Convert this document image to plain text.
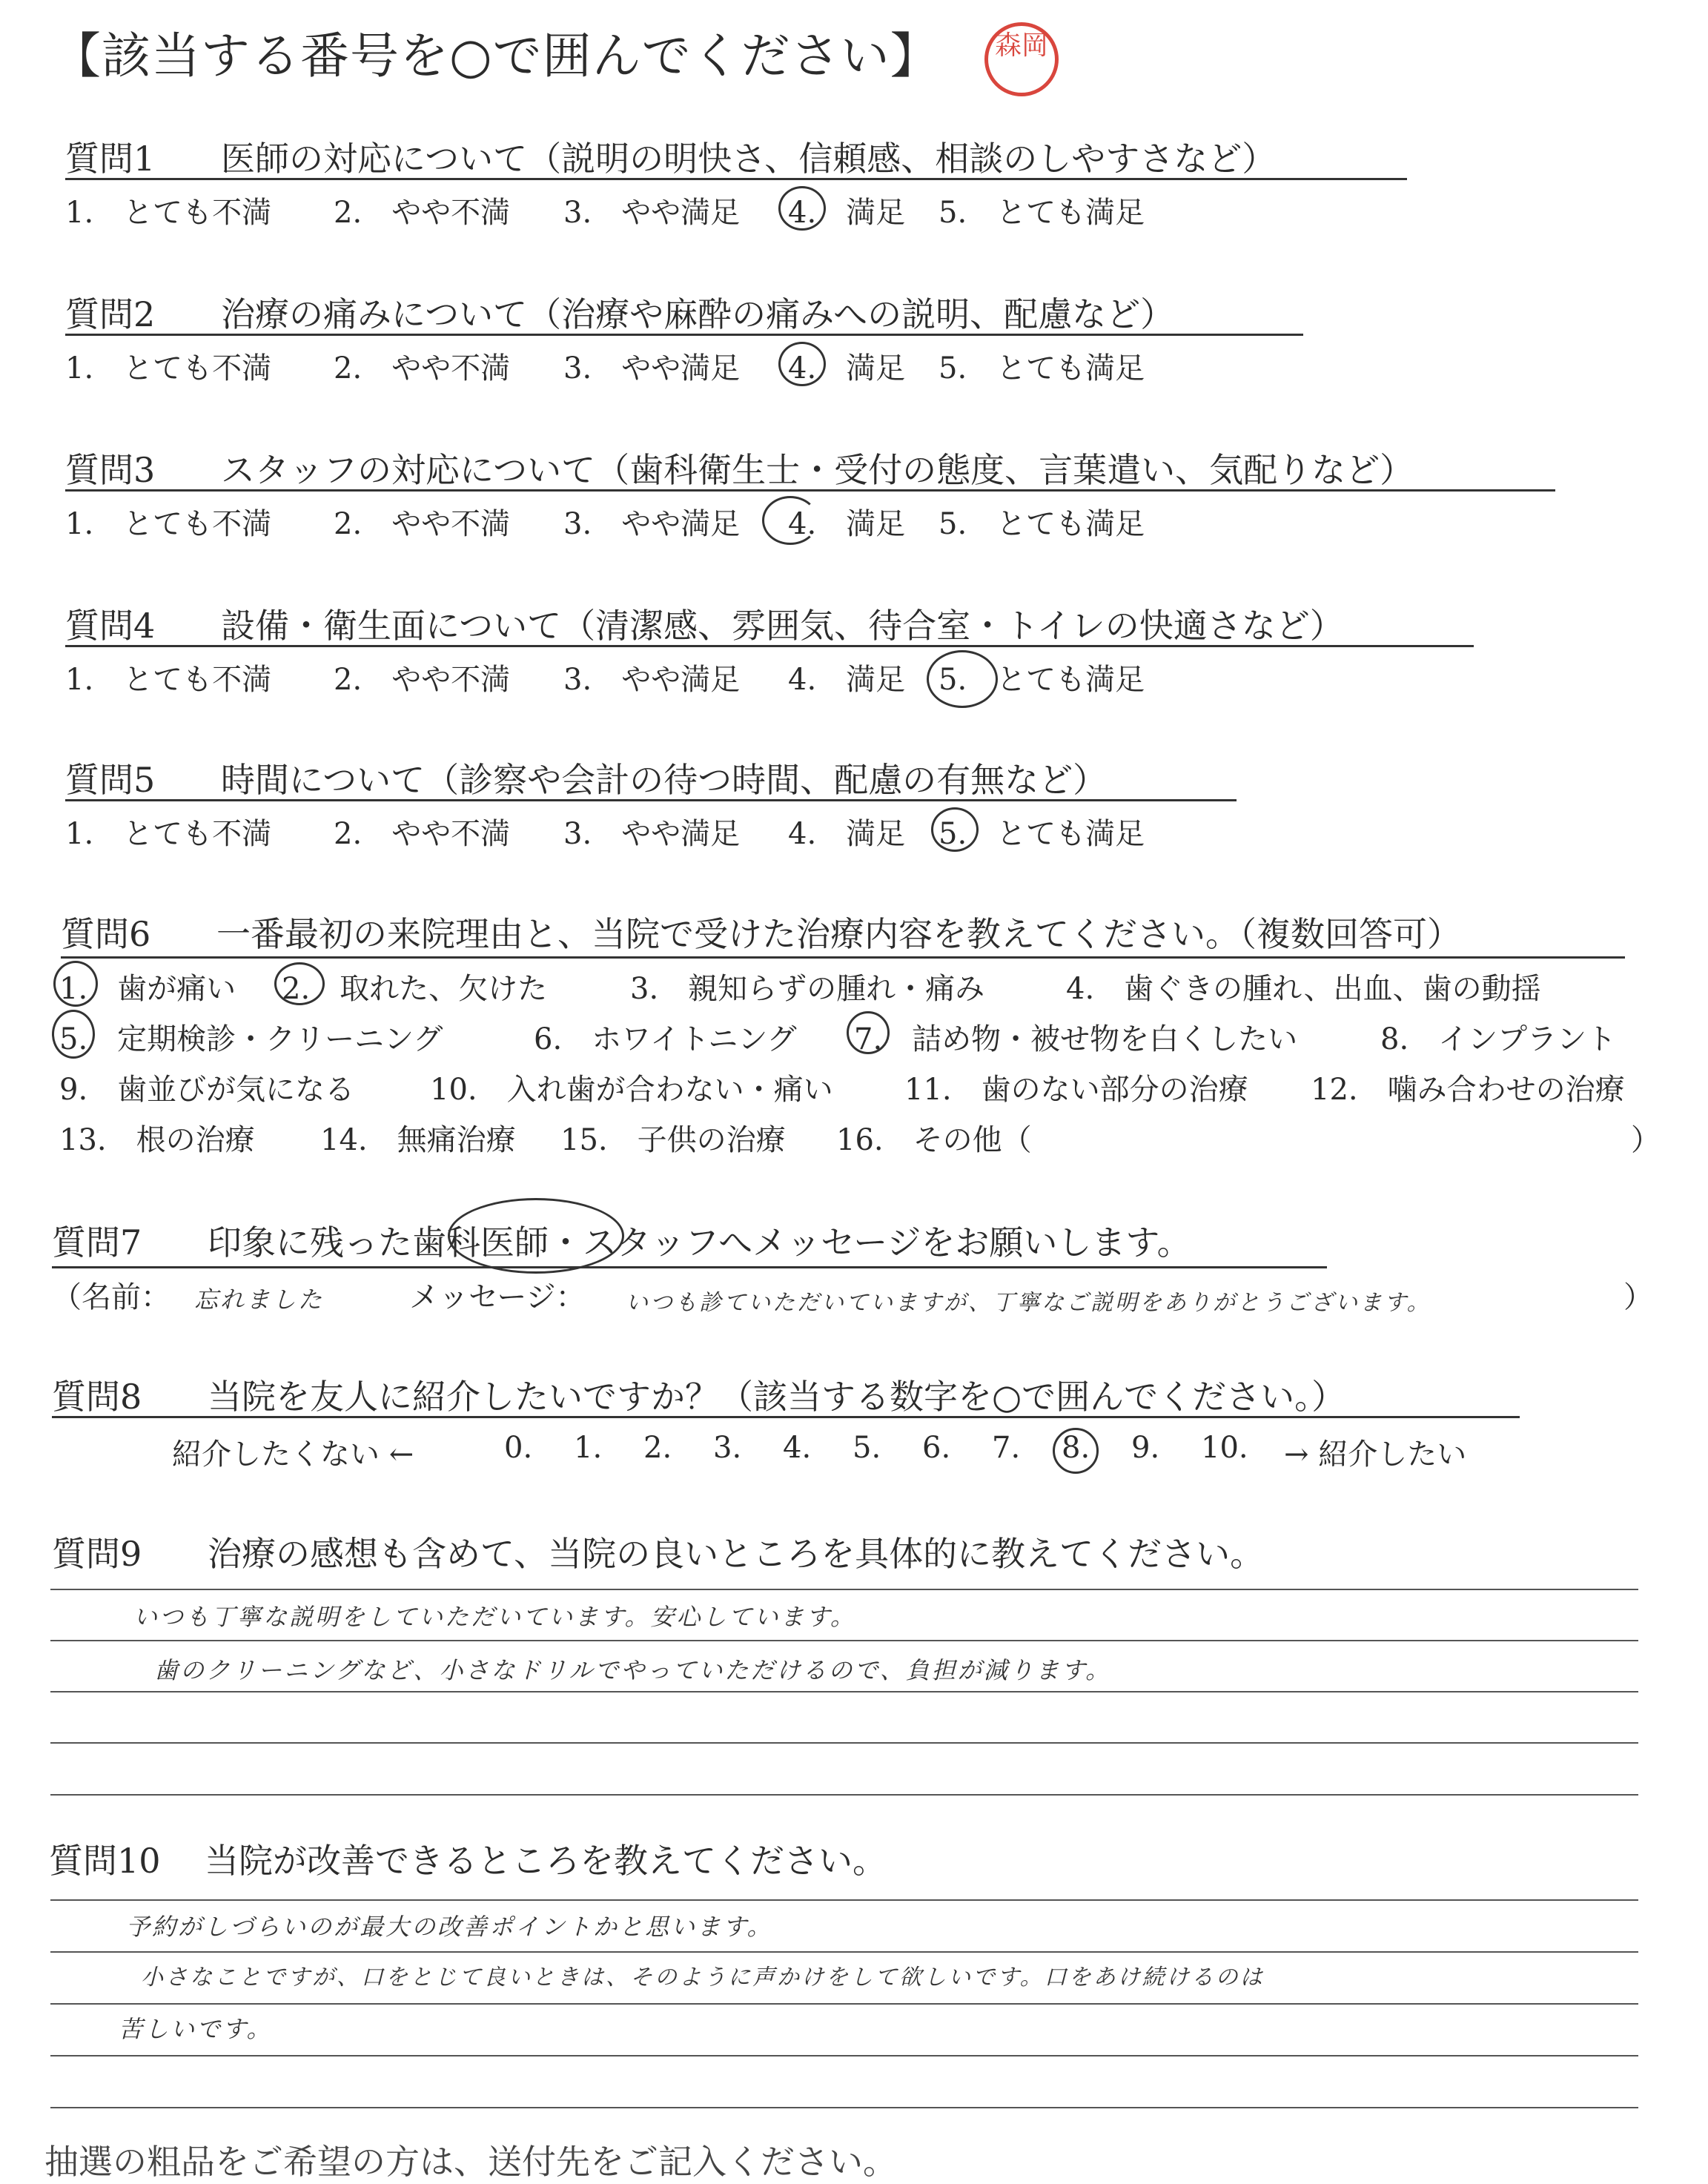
【該当する番号を○で囲んでください】	森岡
質問1 医師の対応について（説明の明快さ、信頼感、相談のしやすさなど）
1.　とても不満 2.　やや不満 3.　やや満足 4.　満足 5.　とても満足
質問2 治療の痛みについて（治療や麻酔の痛みへの説明、配慮など）
1.　とても不満 2.　やや不満 3.　やや満足 4.　満足 5.　とても満足
質問3 スタッフの対応について（歯科衛生士・受付の態度、言葉遣い、気配りなど）
1.　とても不満 2.　やや不満 3.　やや満足 4.　満足 5.　とても満足
質問4 設備・衛生面について（清潔感、雰囲気、待合室・トイレの快適さなど）
1.　とても不満 2.　やや不満 3.　やや満足 4.　満足 5.　とても満足
質問5 時間について（診察や会計の待つ時間、配慮の有無など）
1.　とても不満 2.　やや不満 3.　やや満足 4.　満足 5.　とても満足
質問6 一番最初の来院理由と、当院で受けた治療内容を教えてください。（複数回答可）
1.　 歯が痛い 2.　 取れた、欠けた	3.　 親知らずの腫れ・痛み	4.　 歯ぐきの腫れ、出血、歯の動揺
5.　 定期検診・クリーニング	6.　 ホワイトニング 7.　 詰め物・被せ物を白くしたい	8.　 インプラント
9.　 歯並びが気になる	10.　 入れ歯が合わない・痛い 11.　 歯のない部分の治療 12.　 噛み合わせの治療
13.　 根の治療 14.　 無痛治療 15.　 子供の治療 16.　 その他（	）
質問7 印象に残った歯科医師・スタッフへメッセージをお願いします。
（名前： 忘れました	メッセージ： いつも診ていただいていますが、丁寧なご説明をありがとうございます。	）
質問8 当院を友人に紹介したいですか？（該当する数字を○で囲んでください。）
紹介したくない ←	0. 1. 2. 3. 4. 5. 6. 7. 8. 9. 10. → 紹介したい
質問9 治療の感想も含めて、当院の良いところを具体的に教えてください。
いつも丁寧な説明をしていただいています。安心しています。
歯のクリーニングなど、小さなドリルでやっていただけるので、負担が減ります。
質問10 当院が改善できるところを教えてください。
予約がしづらいのが最大の改善ポイントかと思います。
小さなことですが、口をとじて良いときは、そのように声かけをして欲しいです。口をあけ続けるのは
苦しいです。
抽選の粗品をご希望の方は、送付先をご記入ください。
